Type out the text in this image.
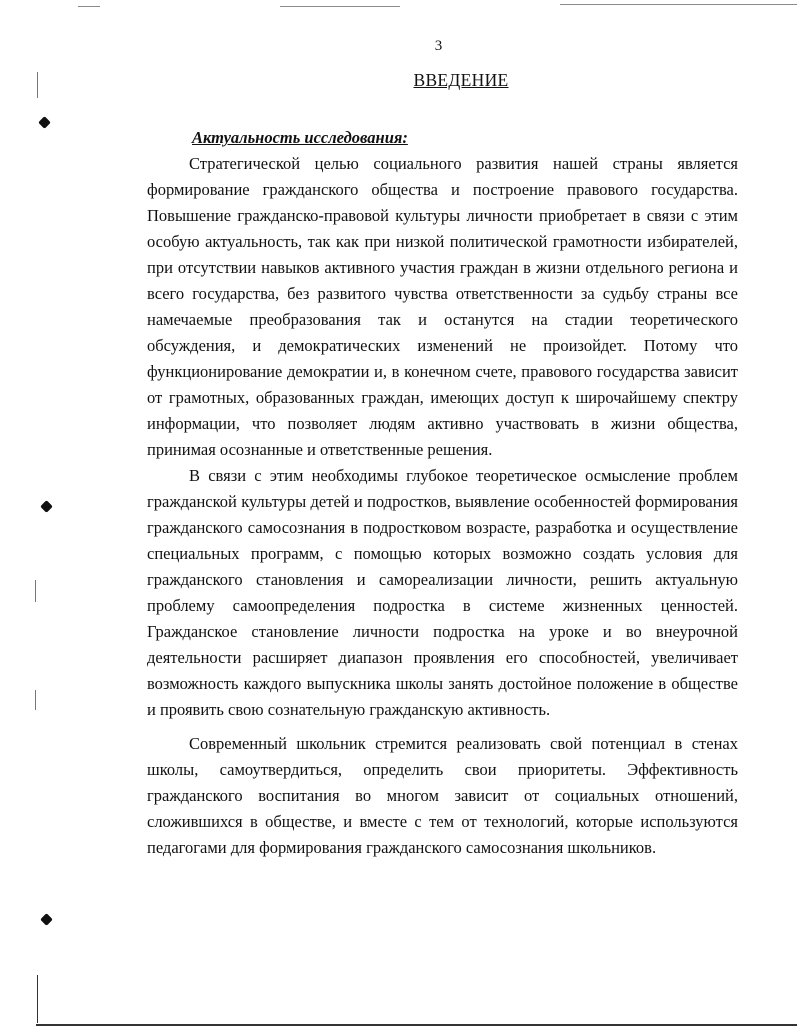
3
ВВЕДЕНИЕ
Актуальность исследования:

Стратегической целью социального развития нашей страны является формирование гражданского общества и построение правового государства. Повышение гражданско-правовой культуры личности приобретает в связи с этим особую актуальность, так как при низкой политической грамотности избирателей, при отсутствии навыков активного участия граждан в жизни отдельного региона и всего государства, без развитого чувства ответственности за судьбу страны все намечаемые преобразования так и останутся на стадии теоретического обсуждения, и демократических изменений не произойдет. Потому что функционирование демократии и, в конечном счете, правового государства зависит от грамотных, образованных граждан, имеющих доступ к широчайшему спектру информации, что позволяет людям активно участвовать в жизни общества, принимая осознанные и ответственные решения.

В связи с этим необходимы глубокое теоретическое осмысление проблем гражданской культуры детей и подростков, выявление особенностей формирования гражданского самосознания в подростковом возрасте, разработка и осуществление специальных программ, с помощью которых возможно создать условия для гражданского становления и самореализации личности, решить актуальную проблему самоопределения подростка в системе жизненных ценностей. Гражданское становление личности подростка на уроке и во внеурочной деятельности расширяет диапазон проявления его способностей, увеличивает возможность каждого выпускника школы занять достойное положение в обществе и проявить свою сознательную гражданскую активность.

Современный школьник стремится реализовать свой потенциал в стенах школы, самоутвердиться, определить свои приоритеты. Эффективность гражданского воспитания во многом зависит от социальных отношений, сложившихся в обществе, и вместе с тем от технологий, которые используются педагогами для формирования гражданского самосознания школьников.
